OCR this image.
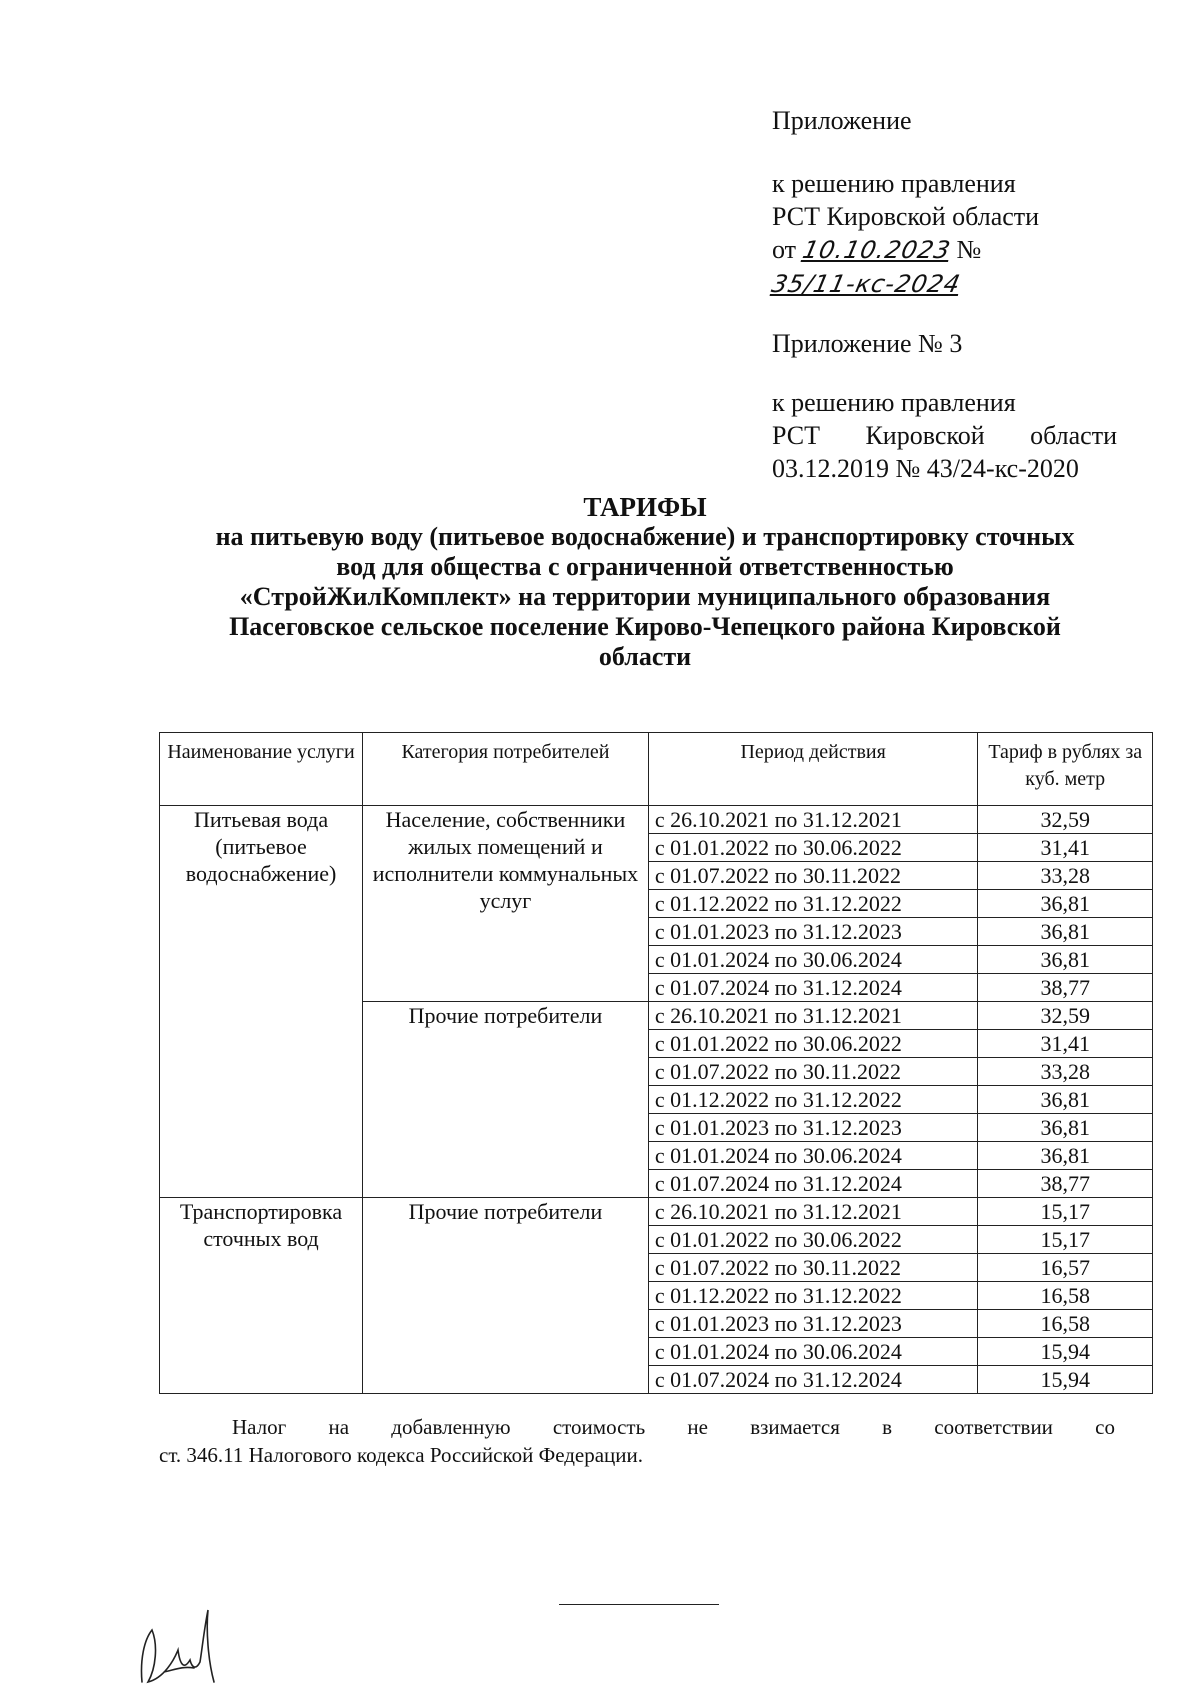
Приложение

к решению правления

РСТ Кировской области

от 10.10.2023 №35/11-кс-2024

Приложение № 3

к решению правления

РСТ Кировской области

03.12.2019 № 43/24-кс-2020

ТАРИФЫ
на питьевую воду (питьевое водоснабжение) и транспортировку сточных
вод для общества с ограниченной ответственностью
«СтройЖилКомплект» на территории муниципального образования
Пасеговское сельское поселение Кирово-Чепецкого района Кировской
области
Наименование услуги	Категория потребителей	Период действия	Тариф в рублях за куб. метр
Питьевая вода (питьевое водоснабжение)	Население, собственники жилых помещений и исполнители коммунальных услуг	с 26.10.2021 по 31.12.2021	32,59
		с 01.01.2022 по 30.06.2022	31,41
		с 01.07.2022 по 30.11.2022	33,28
		с 01.12.2022 по 31.12.2022	36,81
		с 01.01.2023 по 31.12.2023	36,81
		с 01.01.2024 по 30.06.2024	36,81
		с 01.07.2024 по 31.12.2024	38,77
	Прочие потребители	с 26.10.2021 по 31.12.2021	32,59
		с 01.01.2022 по 30.06.2022	31,41
		с 01.07.2022 по 30.11.2022	33,28
		с 01.12.2022 по 31.12.2022	36,81
		с 01.01.2023 по 31.12.2023	36,81
		с 01.01.2024 по 30.06.2024	36,81
		с 01.07.2024 по 31.12.2024	38,77
Транспортировка сточных вод	Прочие потребители	с 26.10.2021 по 31.12.2021	15,17
		с 01.01.2022 по 30.06.2022	15,17
		с 01.07.2022 по 30.11.2022	16,57
		с 01.12.2022 по 31.12.2022	16,58
		с 01.01.2023 по 31.12.2023	16,58
		с 01.01.2024 по 30.06.2024	15,94
		с 01.07.2024 по 31.12.2024	15,94
Налог на добавленную стоимость не взимается в соответствии со

ст. 346.11 Налогового кодекса Российской Федерации.
